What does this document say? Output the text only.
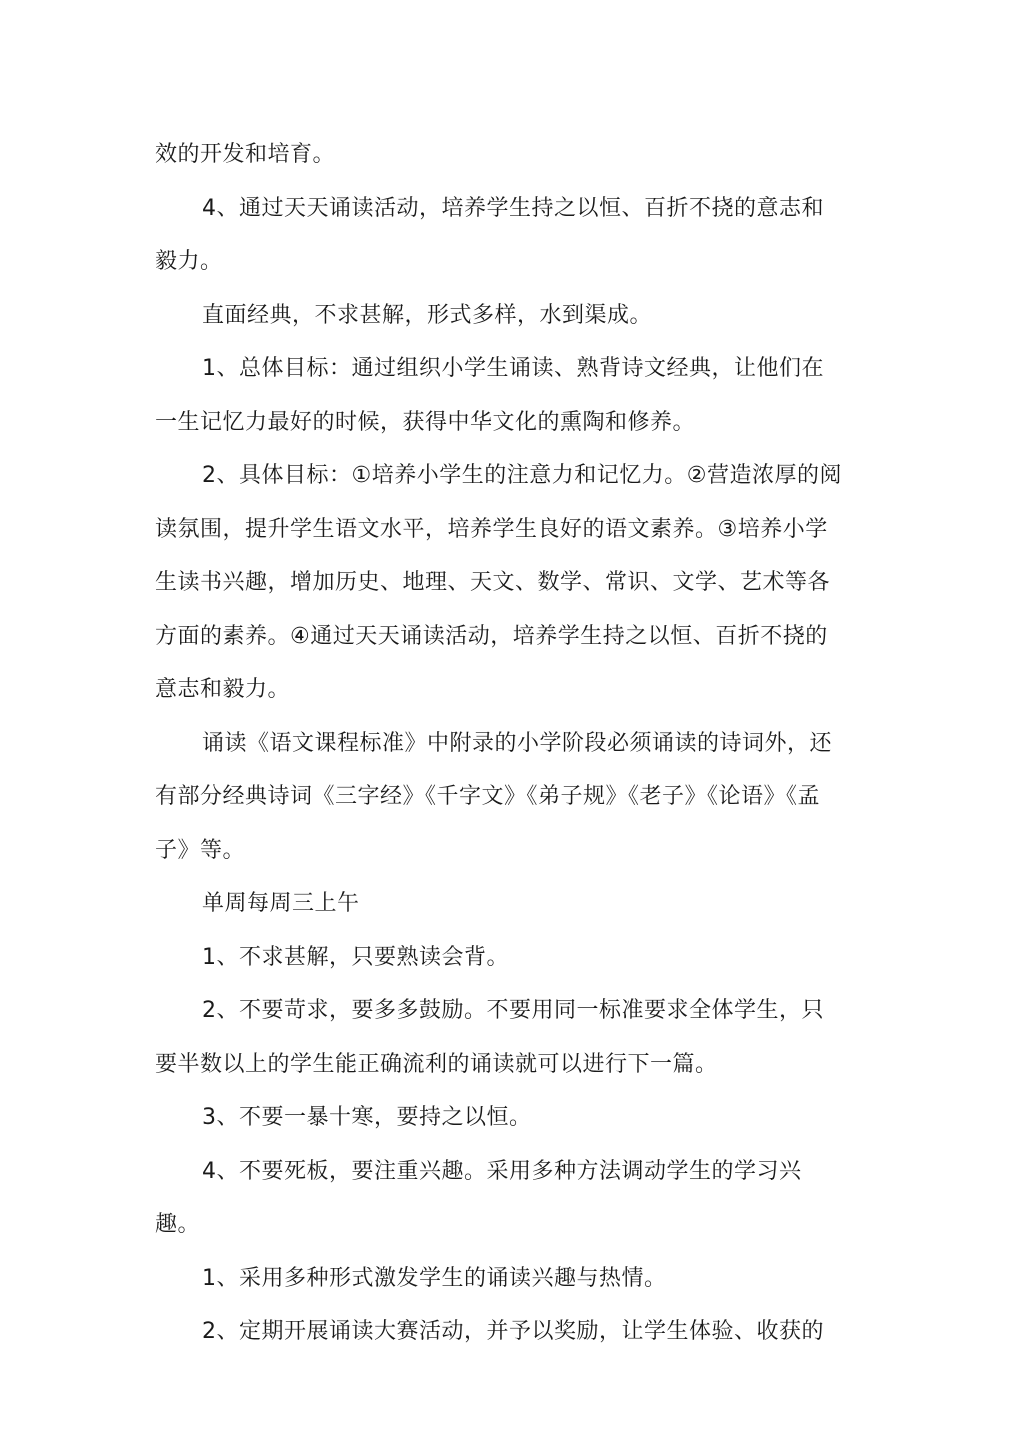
效的开发和培育。

4、通过天天诵读活动，培养学生持之以恒、百折不挠的意志和毅力。

直面经典，不求甚解，形式多样，水到渠成。

1、总体目标：通过组织小学生诵读、熟背诗文经典，让他们在一生记忆力最好的时候，获得中华文化的熏陶和修养。

2、具体目标：①培养小学生的注意力和记忆力。②营造浓厚的阅读氛围，提升学生语文水平，培养学生良好的语文素养。③培养小学生读书兴趣，增加历史、地理、天文、数学、常识、文学、艺术等各方面的素养。④通过天天诵读活动，培养学生持之以恒、百折不挠的意志和毅力。

诵读《语文课程标准》中附录的小学阶段必须诵读的诗词外，还有部分经典诗词《三字经》《千字文》《弟子规》《老子》《论语》《孟子》等。

单周每周三上午

1、不求甚解，只要熟读会背。

2、不要苛求，要多多鼓励。不要用同一标准要求全体学生，只要半数以上的学生能正确流利的诵读就可以进行下一篇。

3、不要一暴十寒，要持之以恒。

4、不要死板，要注重兴趣。采用多种方法调动学生的学习兴趣。

1、采用多种形式激发学生的诵读兴趣与热情。

2、定期开展诵读大赛活动，并予以奖励，让学生体验、收获的
